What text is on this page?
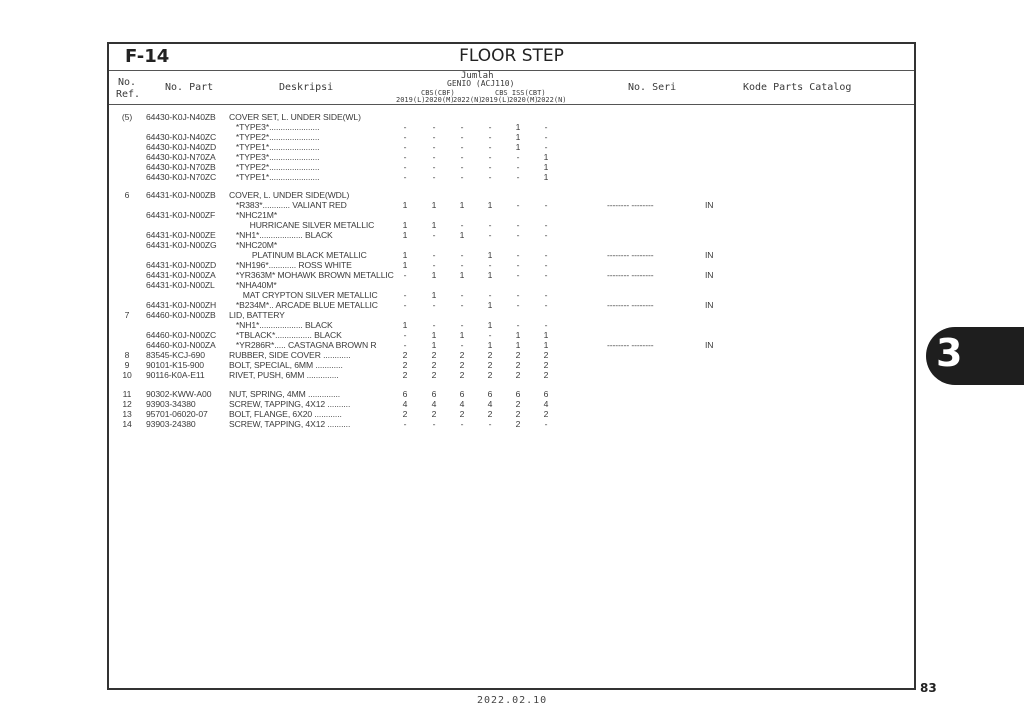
F-14	FLOOR STEP
No.
Ref.
No. Part	Deskripsi
Jumlah
GENIO (ACJ110)
CBS(CBF)	CBS ISS(CBT)
2019(L) 2020(M)
2022(N)
2019(L)
2020(M)
2022(N)
No. Seri	Kode Parts Catalog
(5)	64430-K0J-N40ZB COVER SET, L. UNDER SIDE(WL)
*TYPE3*......................	-	-	-	-	1	-
64430-K0J-N40ZC *TYPE2*......................	-	-	-	-	1	-
64430-K0J-N40ZD *TYPE1*......................	-	-	-	-	1	-
64430-K0J-N70ZA *TYPE3*......................	-	-	-	-	-	1
64430-K0J-N70ZB *TYPE2*......................	-	-	-	-	-	1
64430-K0J-N70ZC *TYPE1*......................	-	-	-	-	-	1
6	64431-K0J-N00ZB COVER, L. UNDER SIDE(WDL)
*R383*............ VALIANT RED	1	1	1	1	-	-	-------- --------	IN
64431-K0J-N00ZF *NHC21M*
HURRICANE SILVER METALLIC	1	1	-	-	-	-
64431-K0J-N00ZE *NH1*................... BLACK	1	-	1	-	-	-
64431-K0J-N00ZG *NHC20M*
PLATINUM BLACK METALLIC	1	-	-	1	-	-	-------- --------	IN
64431-K0J-N00ZD *NH196*............ ROSS WHITE	1	-	-	-	-	-
64431-K0J-N00ZA *YR363M* MOHAWK BROWN METALLIC	-	1	1	1	-	-	-------- --------	IN
64431-K0J-N00ZL *NHA40M*
MAT CRYPTON SILVER METALLIC	-	1	-	-	-	-
64431-K0J-N00ZH *B234M*.. ARCADE BLUE METALLIC	-	-	-	1	-	-	-------- --------	IN
7	64460-K0J-N00ZB LID, BATTERY
*NH1*................... BLACK	1	-	-	1	-	-
64460-K0J-N00ZC *TBLACK*................ BLACK	-	1	1	-	1	1
64460-K0J-N00ZA *YR286R*..... CASTAGNA BROWN R	-	1	-	1	1	1	-------- --------	IN
8	83545-KCJ-690	RUBBER, SIDE COVER ............	2	2	2	2	2	2
9	90101-K15-900	BOLT, SPECIAL, 6MM ............	2	2	2	2	2	2
10	90116-K0A-E11	RIVET, PUSH, 6MM ..............	2	2	2	2	2	2
11	90302-KWW-A00 NUT, SPRING, 4MM ..............	6	6	6	6	6	6
12	93903-34380	SCREW, TAPPING, 4X12 ..........	4	4	4	4	2	4
13	95701-06020-07 BOLT, FLANGE, 6X20 ............	2	2	2	2	2	2
14	93903-24380	SCREW, TAPPING, 4X12 ..........	-	-	-	-	2	-
3
83
2022.02.10
